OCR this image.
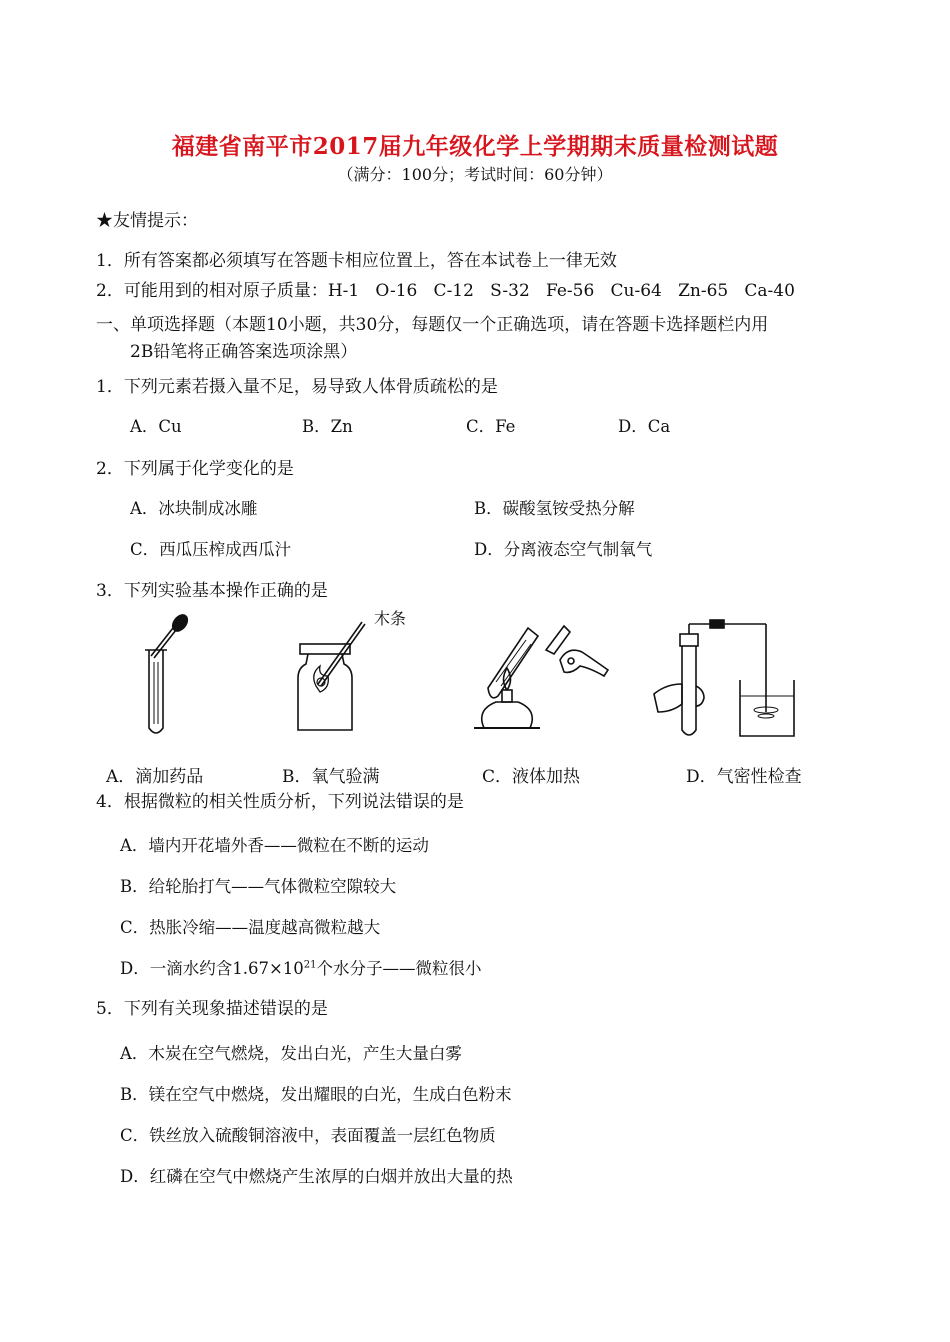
福建省南平市2017届九年级化学上学期期末质量检测试题
（满分：100分；考试时间：60分钟）
★友情提示：
1．所有答案都必须填写在答题卡相应位置上，答在本试卷上一律无效
2．可能用到的相对原子质量：H-1   O-16   C-12   S-32   Fe-56   Cu-64   Zn-65   Ca-40
一、单项选择题（本题10小题，共30分，每题仅一个正确选项，请在答题卡选择题栏内用
2B铅笔将正确答案选项涂黑）
1．下列元素若摄入量不足，易导致人体骨质疏松的是
A．Cu	B．Zn	C．Fe	D．Ca
2．下列属于化学变化的是
A．冰块制成冰雕	B．碳酸氢铵受热分解
C．西瓜压榨成西瓜汁	D．分离液态空气制氧气
3．下列实验基本操作正确的是
木条
A．滴加药品	B．氧气验满	C．液体加热	D．气密性检查
4．根据微粒的相关性质分析，下列说法错误的是
A．墙内开花墙外香——微粒在不断的运动
B．给轮胎打气——气体微粒空隙较大
C．热胀冷缩——温度越高微粒越大
D．一滴水约含$1.67\times 10^{21}$个水分子——微粒很小
5．下列有关现象描述错误的是
A．木炭在空气燃烧，发出白光，产生大量白雾
B．镁在空气中燃烧，发出耀眼的白光，生成白色粉末
C．铁丝放入硫酸铜溶液中，表面覆盖一层红色物质
D．红磷在空气中燃烧产生浓厚的白烟并放出大量的热
